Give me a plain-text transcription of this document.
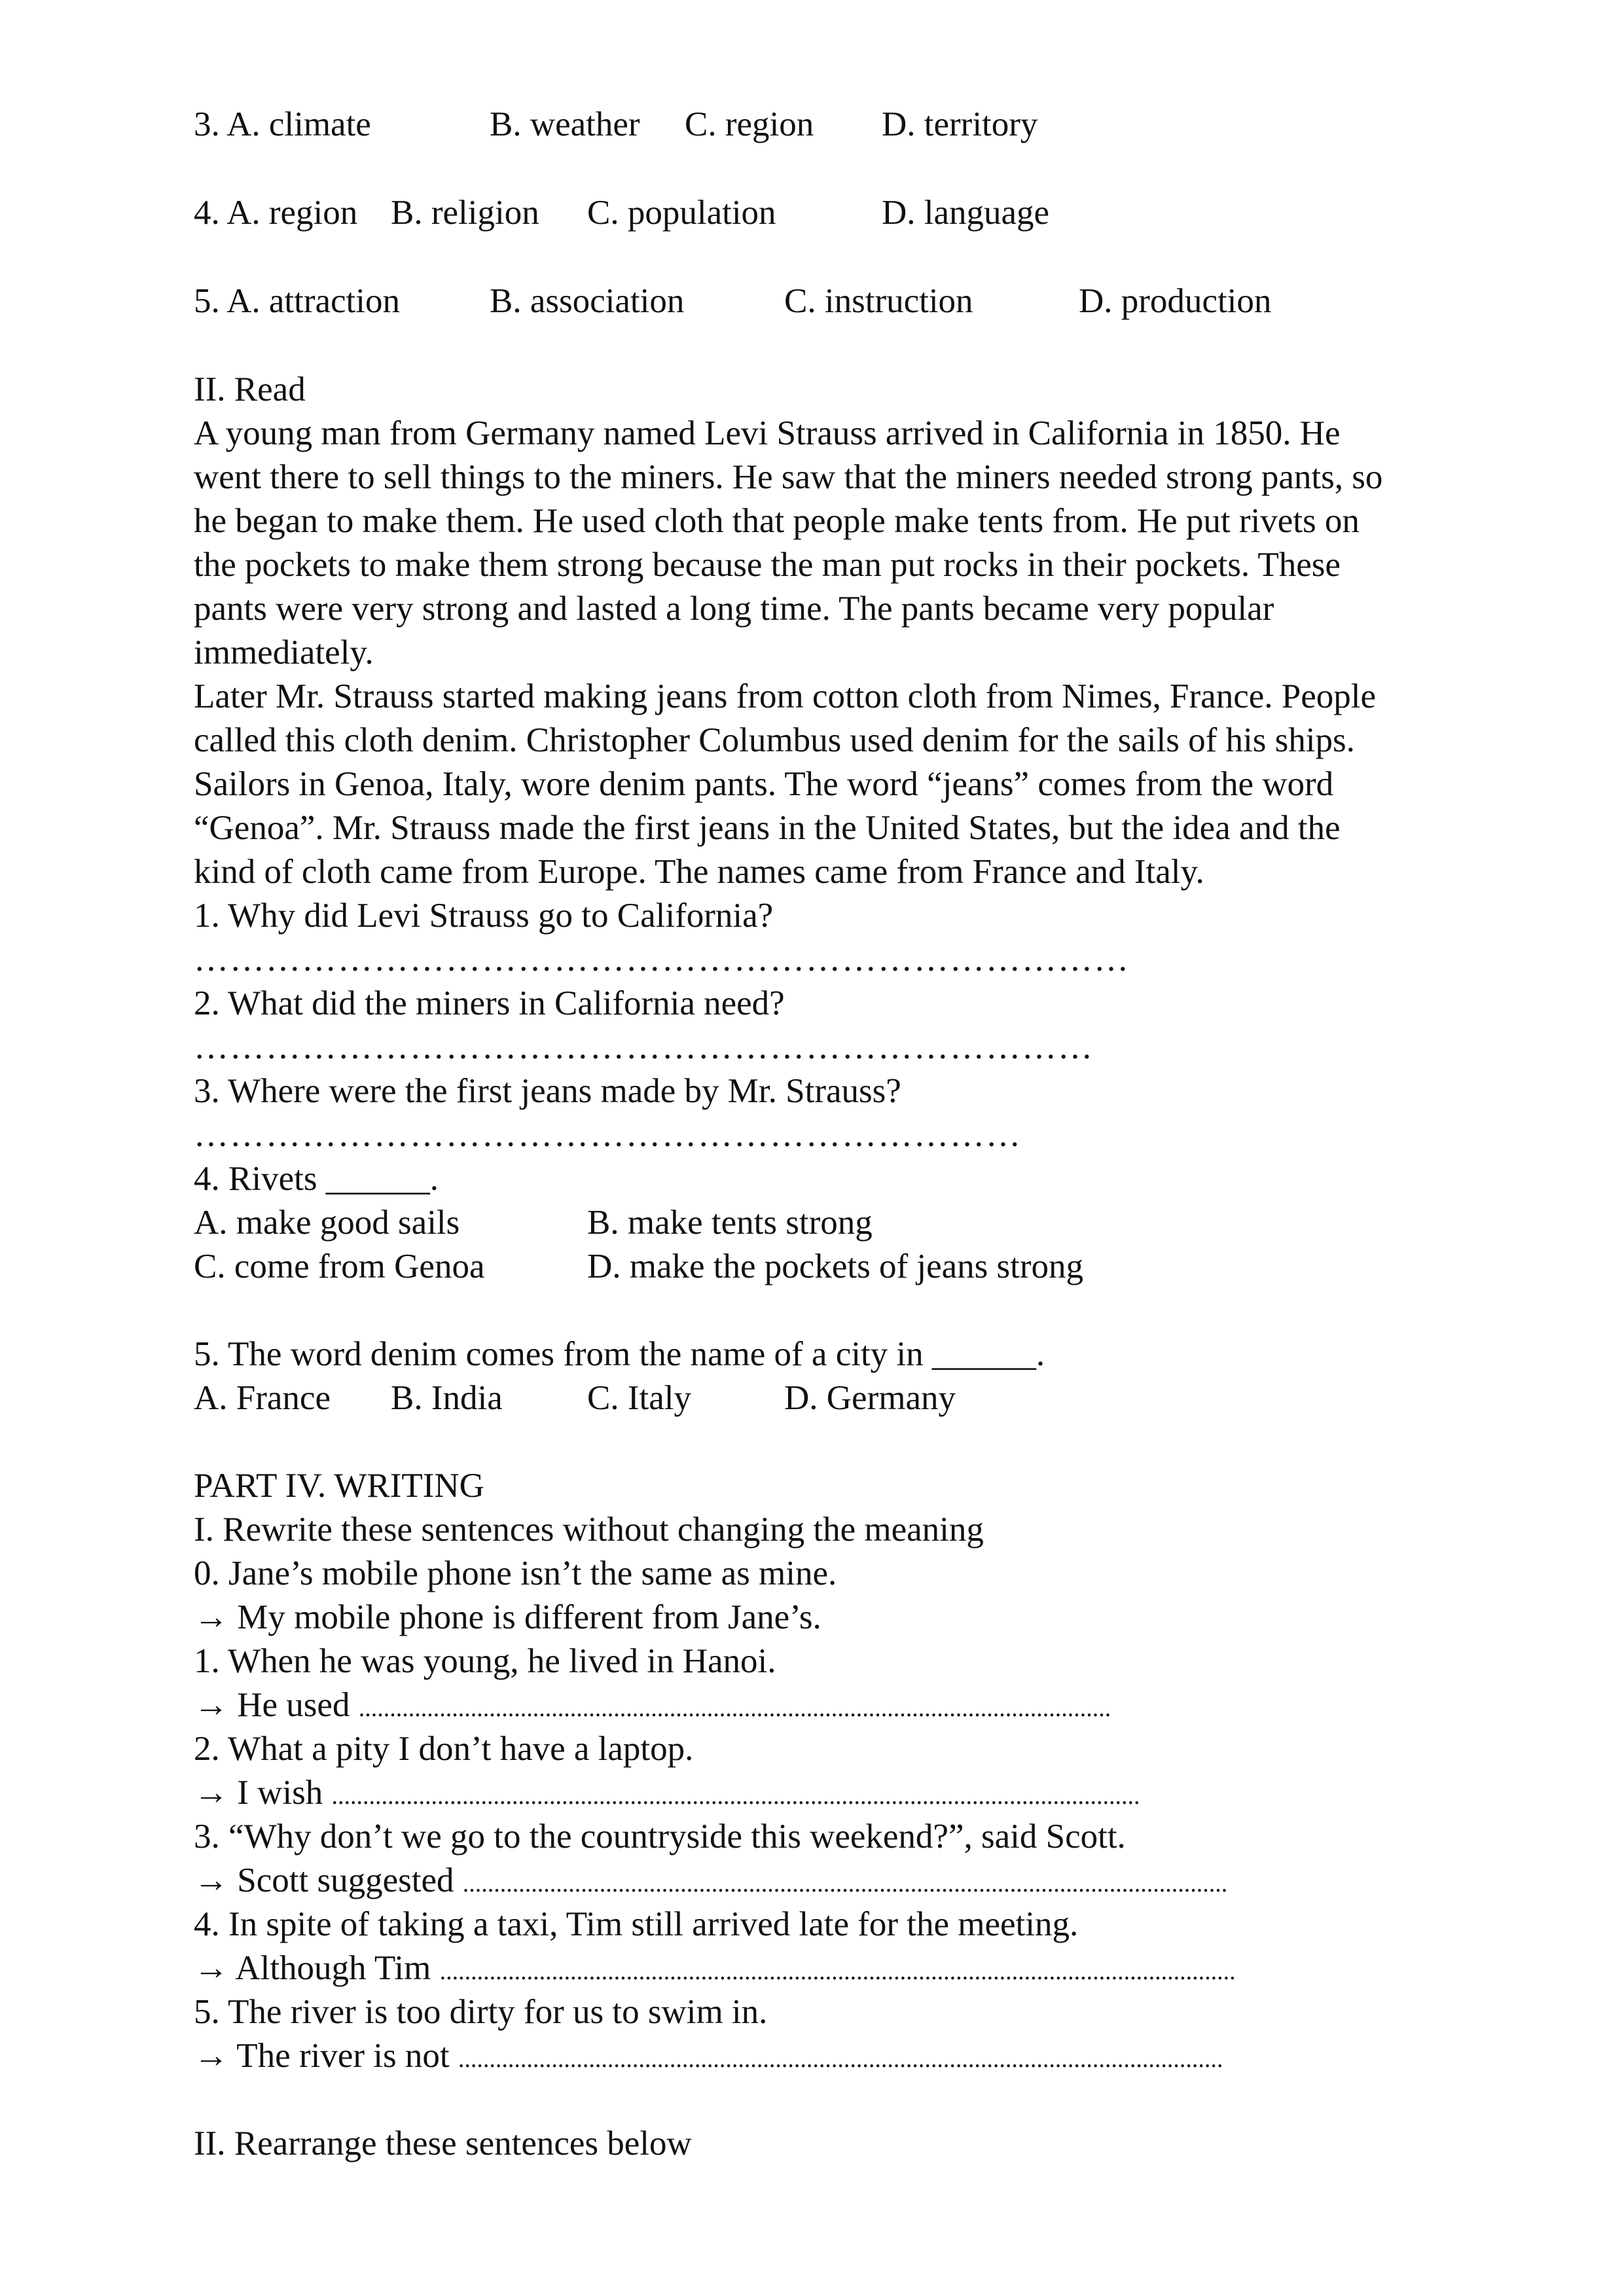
3. A. climate	B. weather C. region D. territory
4. A. region B. religion C. population	D. language
5. A. attraction	B. association	C. instruction	D. production
II. Read
A young man from Germany named Levi Strauss arrived in California in 1850. He
went there to sell things to the miners. He saw that the miners needed strong pants, so
he began to make them. He used cloth that people make tents from. He put rivets on
the pockets to make them strong because the man put rocks in their pockets. These
pants were very strong and lasted a long time. The pants became very popular
immediately.
Later Mr. Strauss started making jeans from cotton cloth from Nimes, France. People
called this cloth denim. Christopher Columbus used denim for the sails of his ships.
Sailors in Genoa, Italy, wore denim pants. The word “jeans” comes from the word
“Genoa”. Mr. Strauss made the first jeans in the United States, but the idea and the
kind of cloth came from Europe. The names came from France and Italy.
1. Why did Levi Strauss go to California?
……………………………………………………………………
2. What did the miners in California need?
…………………………………………………………………
3. Where were the first jeans made by Mr. Strauss?
……………………………………………………………
4. Rivets ______.
A. make good sails	B. make tents strong
C. come from Genoa	D. make the pockets of jeans strong
5. The word denim comes from the name of a city in ______.
A. France B. India C. Italy	D. Germany
PART IV. WRITING
I. Rewrite these sentences without changing the meaning
0. Jane’s mobile phone isn’t the same as mine.
→ My mobile phone is different from Jane’s.
1. When he was young, he lived in Hanoi.
→ He used .........................................................................................................................
2. What a pity I don’t have a laptop.
→ I wish ..................................................................................................................................
3. “Why don’t we go to the countryside this weekend?”, said Scott.
→ Scott suggested ...........................................................................................................................
4. In spite of taking a taxi, Tim still arrived late for the meeting.
→ Although Tim ................................................................................................................................
5. The river is too dirty for us to swim in.
→ The river is not ...........................................................................................................................
II. Rearrange these sentences below
